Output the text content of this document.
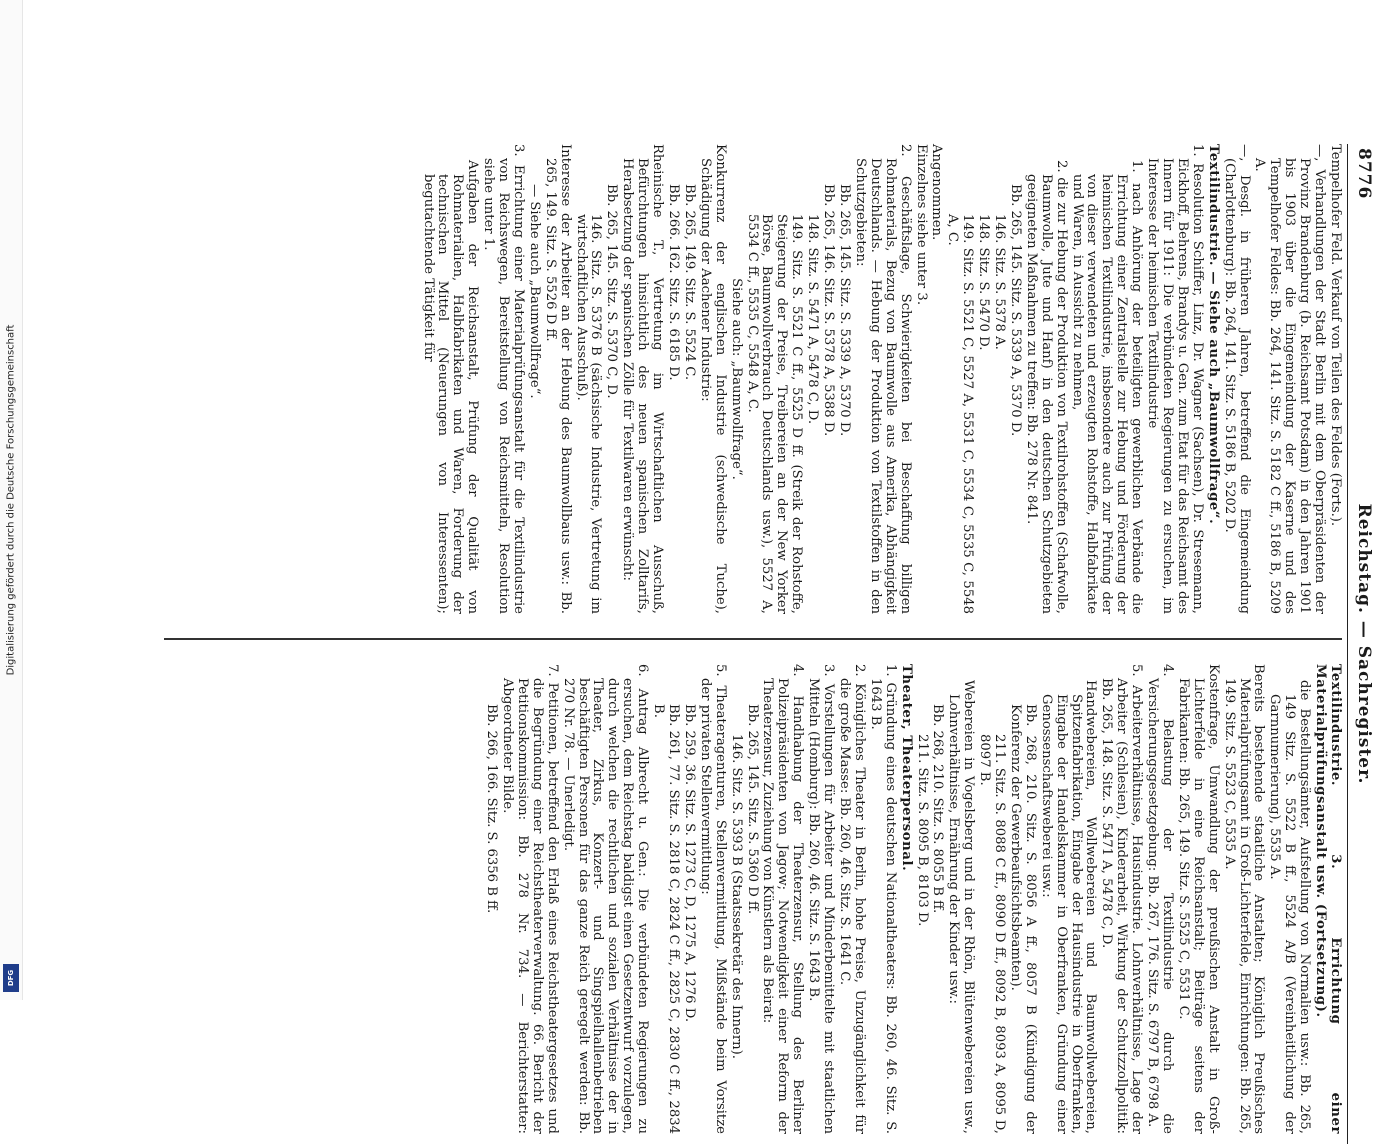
Digitalisierung gefördert durch die Deutsche Forschungsgemeinschaft
DFG
8776
Reichstag. — Sachregister.

Tempelhofer Feld. Verkauf von Teilen des Feldes (Forts.).

—, Verhandlungen der Stadt Berlin mit dem Oberpräsidenten der Provinz Brandenburg (b. Reichsamt Potsdam) in den Jahren 1901 bis 1903 über die Eingemeindung der Kaserne und des Tempelhofer Feldes: Bb. 264, 141. Sitz. S. 5182 C ff., 5186 B, 5209 A.

—, Desgl. in früheren Jahren, betreffend die Eingemeindung (Charlottenburg): Bb. 264, 141. Sitz. S. 5186 B, 5202 D.

Textilindustrie. — Siehe auch „Baumwollfrage“.

1. Resolution Schiffer, Linz, Dr. Wagner (Sachsen), Dr. Stresemann, Eickhoff, Behrens, Brandys u. Gen. zum Etat für das Reichsamt des Innern für 1911: Die verbündeten Regierungen zu ersuchen, im Interesse der heimischen Textilindustrie

1. nach Anhörung der beteiligten gewerblichen Verbände die Errichtung einer Zentralstelle zur Hebung und Förderung der heimischen Textilindustrie, insbesondere auch zur Prüfung der von dieser verwendeten und erzeugten Rohstoffe, Halbfabrikate und Waren, in Aussicht zu nehmen,

2. die zur Hebung der Produktion von Textilrohstoffen (Schafwolle, Baumwolle, Jute und Hanf) in den deutschen Schutzgebieten geeigneten Maßnahmen zu treffen: Bb. 278 Nr. 841.

Bb. 265, 145. Sitz. S. 5339 A, 5370 D.

146. Sitz. S. 5378 A.

148. Sitz. S. 5470 D.

149. Sitz. S. 5521 C, 5527 A, 5531 C, 5534 C, 5535 C, 5548 A, C.

Angenommen.

Einzelnes siehe unter 3.

2. Geschäftslage, Schwierigkeiten bei Beschaffung billigen Rohmaterials, Bezug von Baumwolle aus Amerika, Abhängigkeit Deutschlands. — Hebung der Produktion von Textilstoffen in den Schutzgebieten:

Bb. 265, 145. Sitz. S. 5339 A, 5370 D.

Bb. 265, 146. Sitz. S. 5378 A, 5388 D.

148. Sitz. S. 5471 A, 5478 C, D.

149. Sitz. S. 5521 C ff., 5525 D ff. (Streik der Rohstoffe, Steigerung der Preise, Treibereien an der New Yorker Börse, Baumwollverbrauch Deutschlands usw.), 5527 A, 5534 C ff., 5535 C, 5548 A, C.

Siehe auch: „Baumwollfrage“.

Konkurrenz der englischen Industrie (schwedische Tuche), Schädigung der Aachener Industrie:

Bb. 265, 149. Sitz. S. 5524 C.

Bb. 266. 162. Sitz. S. 6185 D.

Rheinische T., Vertretung im Wirtschaftlichen Ausschuß, Befürchtungen hinsichtlich des neuen spanischen Zolltarifs, Herabsetzung der spanischen Zölle für Textilwaren erwünscht:

Bb. 265, 145. Sitz. S. 5370 C, D.

146. Sitz. S. 5376 B (sächsische Industrie, Vertretung im wirtschaftlichen Ausschuß).

Interesse der Arbeiter an der Hebung des Baumwollbaus usw.: Bb. 265, 149. Sitz. S. 5526 D ff.

— Siehe auch „Baumwollfrage“.

3. Errichtung einer Materialprüfungsanstalt für die Textilindustrie von Reichswegen, Bereitstellung von Reichsmitteln, Resolution siehe unter 1.

Aufgaben der Reichsanstalt, Prüfung der Qualität von Rohmaterialien, Halbfabrikaten und Waren, Forderung der technischen Mittel (Neuerungen von Interessenten); begutachtende Tätigkeit für

Textilindustrie. 3. Errichtung einer Materialprüfungsanstalt usw. (Fortsetzung).

die Bestellungsämter, Aufstellung von Normalien usw.: Bb. 265, 149 Sitz. S. 5522 B ff., 5524 A/B (Vereinheitlichung der Garnnumerierung), 5535 A.

Bereits bestehende staatliche Anstalten; Königlich Preußisches Materialprüfungsamt in Groß-Lichterfelde, Einrichtungen: Bb. 265, 149. Sitz. S. 5523 C, 5535 A.

Kostenfrage, Umwandlung der preußischen Anstalt in Groß-Lichterfelde in eine Reichsanstalt; Beiträge seitens der Fabrikanten: Bb. 265, 149. Sitz. S. 5525 C, 5531 C.

4. Belastung der Textilindustrie durch die Versicherungsgesetzgebung: Bb. 267, 176. Sitz. S. 6797 B, 6798 A.

5. Arbeiterverhältnisse, Hausindustrie. Lohnverhältnisse, Lage der Arbeiter (Schlesien), Kinderarbeit, Wirkung der Schutzzollpolitik: Bb. 265, 148. Sitz. S. 5471 A, 5478 C, D.

Handwebereien, Wollwebereien und Baumwollwebereien, Spitzenfabrikation, Eingabe der Hausindustrie in Oberfranken, Eingabe der Handelskammer in Oberfranken, Gründung einer Genossenschaftsweberei usw.:

Bb. 268, 210. Sitz. S. 8056 A ff., 8057 B (Kündigung der Konferenz der Gewerbeaufsichtsbeamten).

211. Sitz. S. 8088 C ff., 8090 D ff., 8092 B, 8093 A, 8095 D, 8097 B.

Webereien in Vogelsberg und in der Rhön, Blütenwebereien usw., Lohnverhältnisse, Ernährung der Kinder usw.:

Bb. 268, 210. Sitz. S. 8055 B ff.

211. Sitz. S. 8095 B, 8103 D.

Theater, Theaterpersonal.

1. Gründung eines deutschen Nationaltheaters: Bb. 260, 46. Sitz. S. 1643 B.

2. Königliches Theater in Berlin, hohe Preise, Unzugänglichkeit für die große Masse: Bb. 260, 46. Sitz. S. 1641 C.

3. Vorstellungen für Arbeiter und Minderbemittelte mit staatlichen Mitteln (Homburg): Bb. 260, 46. Sitz. S. 1643 B.

4. Handhabung der Theaterzensur, Stellung des Berliner Polizeipräsidenten von Jagow; Notwendigkeit einer Reform der Theaterzensur, Zuziehung von Künstlern als Beirat:

Bb. 265, 145. Sitz. S. 5360 D ff.

146. Sitz. S. 5393 B (Staatssekretär des Innern).

5. Theateragenturen, Stellenvermittlung, Mißstände beim Vorsitze der privaten Stellenvermittlung:

Bb. 259, 36. Sitz. S. 1273 C, D, 1275 A, 1276 D.

Bb. 261, 77. Sitz. S. 2818 C, 2824 C ff., 2825 C, 2830 C ff., 2834 B.

6. Antrag Albrecht u. Gen.: Die verbündeten Regierungen zu ersuchen, dem Reichstag baldigst einen Gesetzentwurf vorzulegen, durch welchen die rechtlichen und sozialen Verhältnisse der in Theater, Zirkus, Konzert- und Singspielhallenbetrieben beschäftigten Personen für das ganze Reich geregelt werden: Bb. 270 Nr. 78. — Unerledigt.

7. Petitionen, betreffend den Erlaß eines Reichstheatergesetzes und die Begründung einer Reichstheaterverwaltung. 66. Bericht der Petitionskommission: Bb. 278 Nr. 734. — Berichterstatter: Abgeordneter Bilde.

Bb. 266, 166. Sitz. S. 6356 B ff.
